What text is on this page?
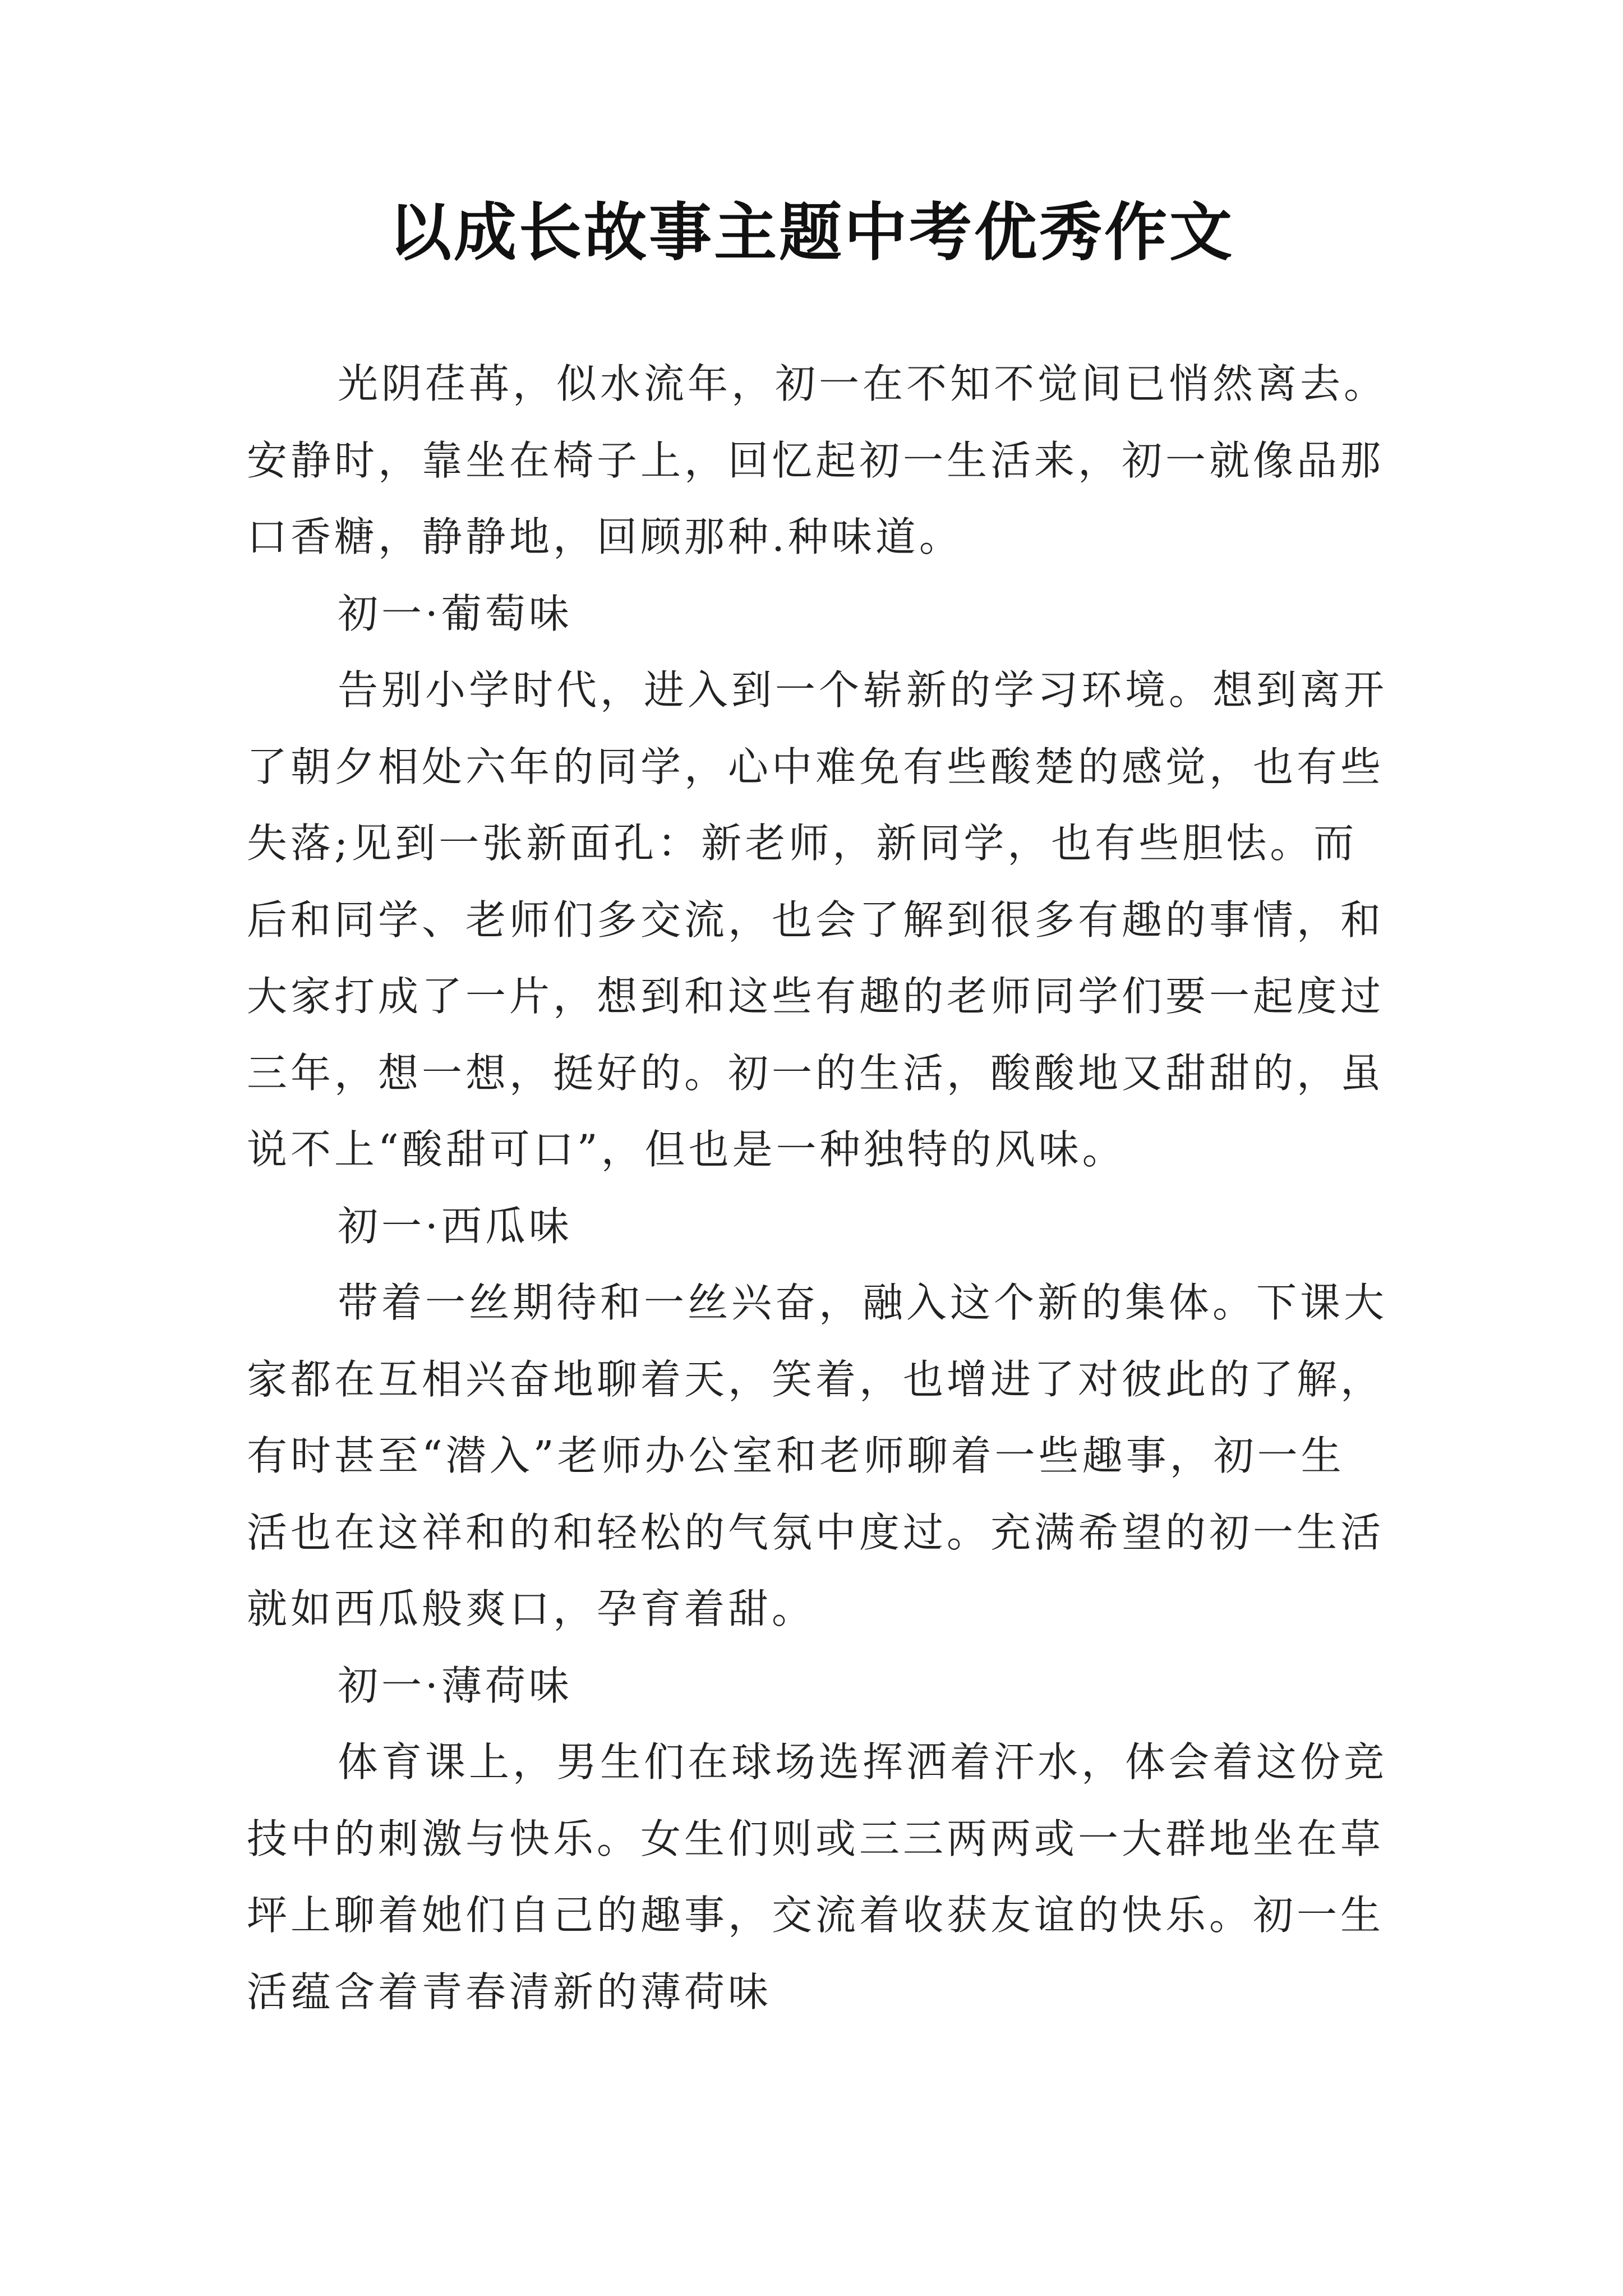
以成长故事主题中考优秀作文
光阴荏苒，似水流年，初一在不知不觉间已悄然离去。
安静时，靠坐在椅子上，回忆起初一生活来，初一就像品那
口香糖，静静地，回顾那种.种味道。
初一·葡萄味
告别小学时代，进入到一个崭新的学习环境。想到离开
了朝夕相处六年的同学，心中难免有些酸楚的感觉，也有些
失落;见到一张新面孔：新老师，新同学，也有些胆怯。而
后和同学、老师们多交流，也会了解到很多有趣的事情，和
大家打成了一片，想到和这些有趣的老师同学们要一起度过
三年，想一想，挺好的。初一的生活，酸酸地又甜甜的，虽
说不上“酸甜可口”，但也是一种独特的风味。
初一·西瓜味
带着一丝期待和一丝兴奋，融入这个新的集体。下课大
家都在互相兴奋地聊着天，笑着，也增进了对彼此的了解，
有时甚至“潜入”老师办公室和老师聊着一些趣事，初一生
活也在这祥和的和轻松的气氛中度过。充满希望的初一生活
就如西瓜般爽口，孕育着甜。
初一·薄荷味
体育课上，男生们在球场选挥洒着汗水，体会着这份竞
技中的刺激与快乐。女生们则或三三两两或一大群地坐在草
坪上聊着她们自己的趣事，交流着收获友谊的快乐。初一生
活蕴含着青春清新的薄荷味
